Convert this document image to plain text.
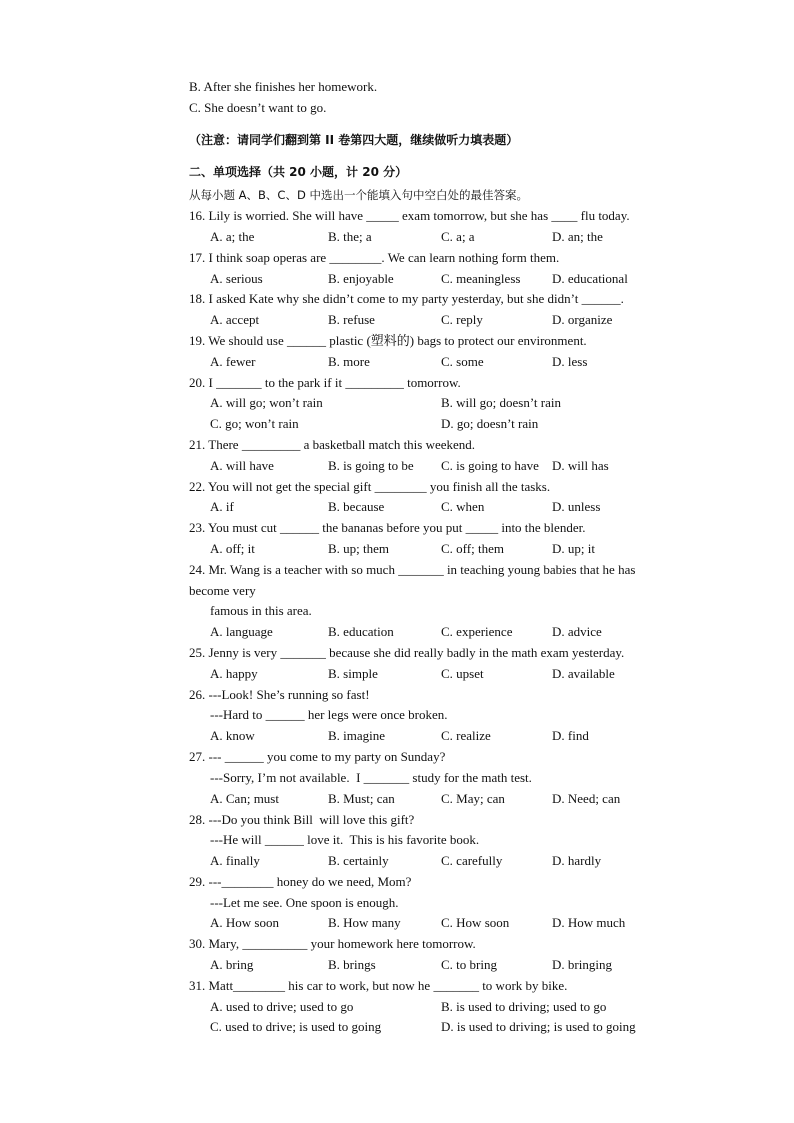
B. After she finishes her homework.
C. She doesn’t want to go.
（注意：请同学们翻到第 II 卷第四大题，继续做听力填表题）
二、单项选择（共 20 小题，计 20 分）
从每小题 A、B、C、D 中选出一个能填入句中空白处的最佳答案。
16. Lily is worried. She will have _____ exam tomorrow, but she has ____ flu today.
A. a; the	B. the; a	C. a; a	D. an; the
17. I think soap operas are ________. We can learn nothing form them.
A. serious	B. enjoyable	C. meaningless D. educational
18. I asked Kate why she didn’t come to my party yesterday, but she didn’t ______.
A. accept	B. refuse	C. reply	D. organize
19. We should use ______ plastic (塑料的) bags to protect our environment.
A. fewer	B. more	C. some	D. less
20. I _______ to the park if it _________ tomorrow.
A. will go; won’t rain	B. will go; doesn’t rain
C. go; won’t rain	D. go; doesn’t rain
21. There _________ a basketball match this weekend.
A. will have	B. is going to be C. is going to have D. will has
22. You will not get the special gift ________ you finish all the tasks.
A. if	B. because	C. when	D. unless
23. You must cut ______ the bananas before you put _____ into the blender.
A. off; it	B. up; them	C. off; them	D. up; it
24. Mr. Wang is a teacher with so much _______ in teaching young babies that he has
become very
famous in this area.
A. language	B. education	C. experience	D. advice
25. Jenny is very _______ because she did really badly in the math exam yesterday.
A. happy	B. simple	C. upset	D. available
26. ---Look! She’s running so fast!
---Hard to ______ her legs were once broken.
A. know	B. imagine	C. realize	D. find
27. --- ______ you come to my party on Sunday?
---Sorry, I’m not available.  I _______ study for the math test.
A. Can; must	B. Must; can	C. May; can	D. Need; can
28. ---Do you think Bill  will love this gift?
---He will ______ love it.  This is his favorite book.
A. finally	B. certainly	C. carefully	D. hardly
29. ---________ honey do we need, Mom?
---Let me see. One spoon is enough.
A. How soon	B. How many	C. How soon	D. How much
30. Mary, __________ your homework here tomorrow.
A. bring	B. brings	C. to bring	D. bringing
31. Matt________ his car to work, but now he _______ to work by bike.
A. used to drive; used to go	B. is used to driving; used to go
C. used to drive; is used to going	D. is used to driving; is used to going
